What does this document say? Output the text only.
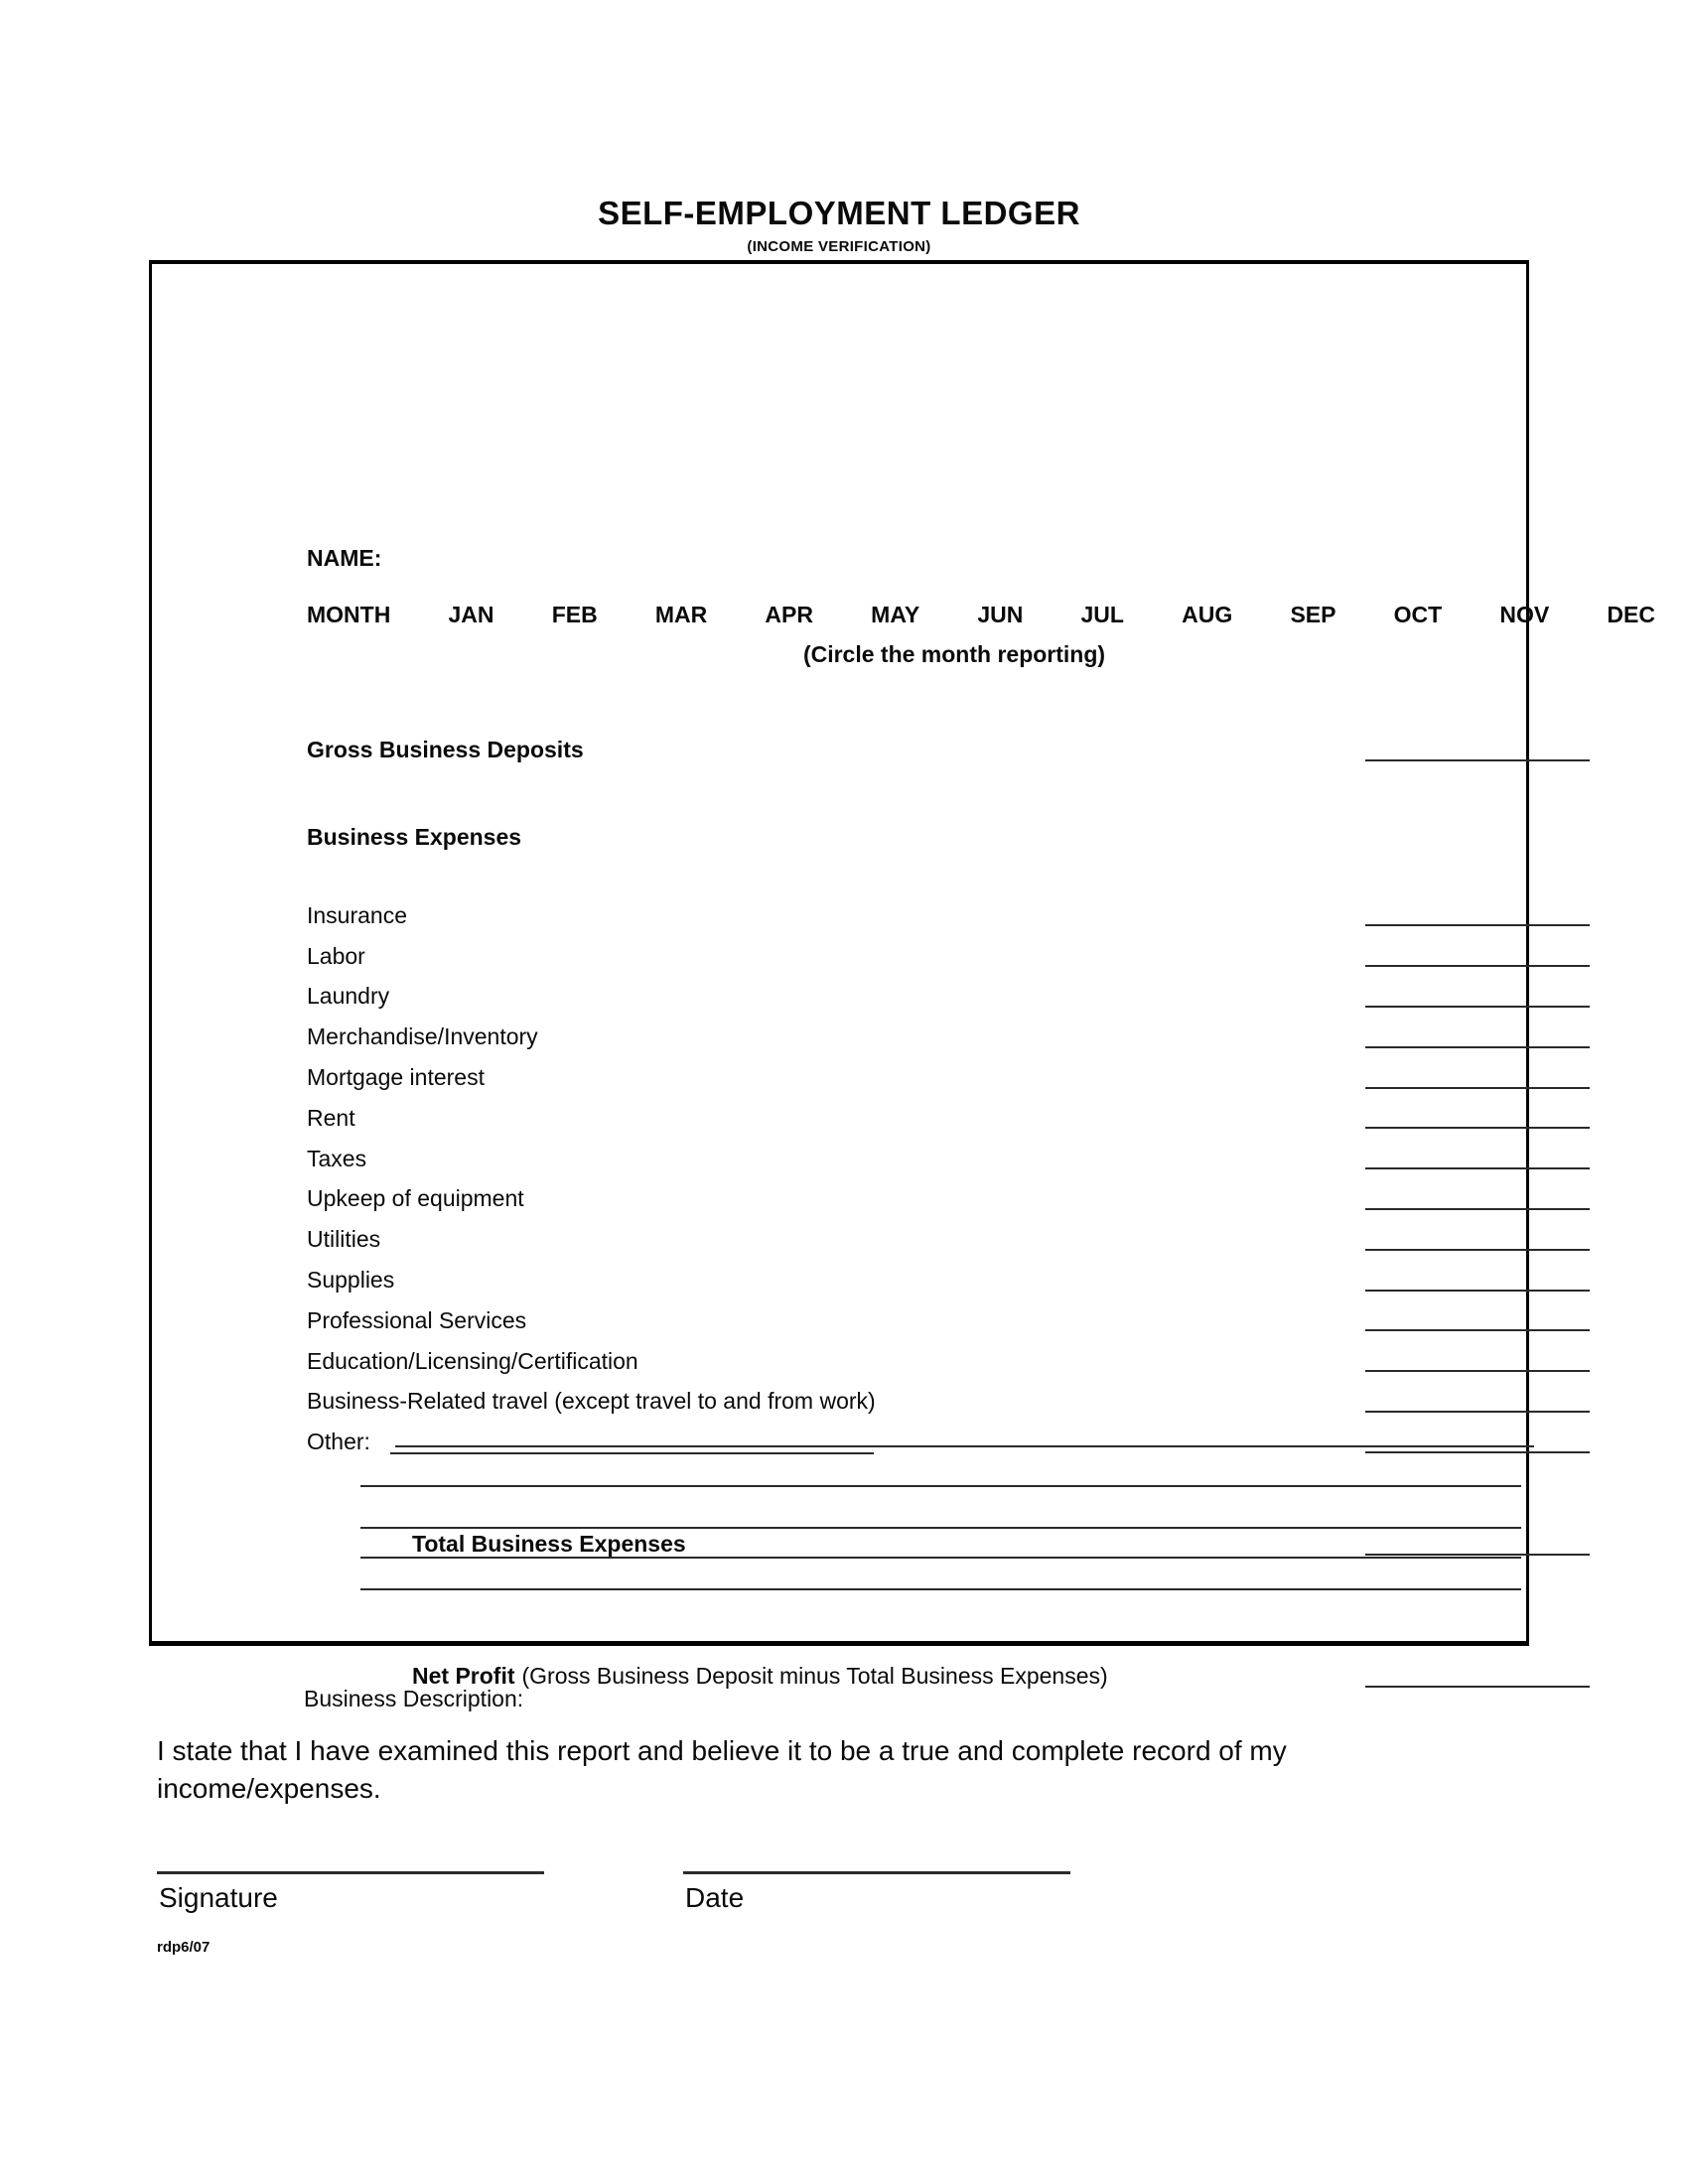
SELF-EMPLOYMENT LEDGER
(INCOME VERIFICATION)
NAME:
MONTH	JAN	FEB	MAR	APR	MAY	JUN	JUL	AUG	SEP	OCT	NOV	DEC
(Circle the month reporting)
Gross Business Deposits
Business Expenses
Insurance
Labor
Laundry
Merchandise/Inventory
Mortgage interest
Rent
Taxes
Upkeep of equipment
Utilities
Supplies
Professional Services
Education/Licensing/Certification
Business-Related travel (except travel to and from work)
Other:
Total Business Expenses
Net Profit (Gross Business Deposit minus Total Business Expenses)
Business Description:
I state that I have examined this report and believe it to be a true and complete record of my income/expenses.
Signature	Date
rdp6/07
